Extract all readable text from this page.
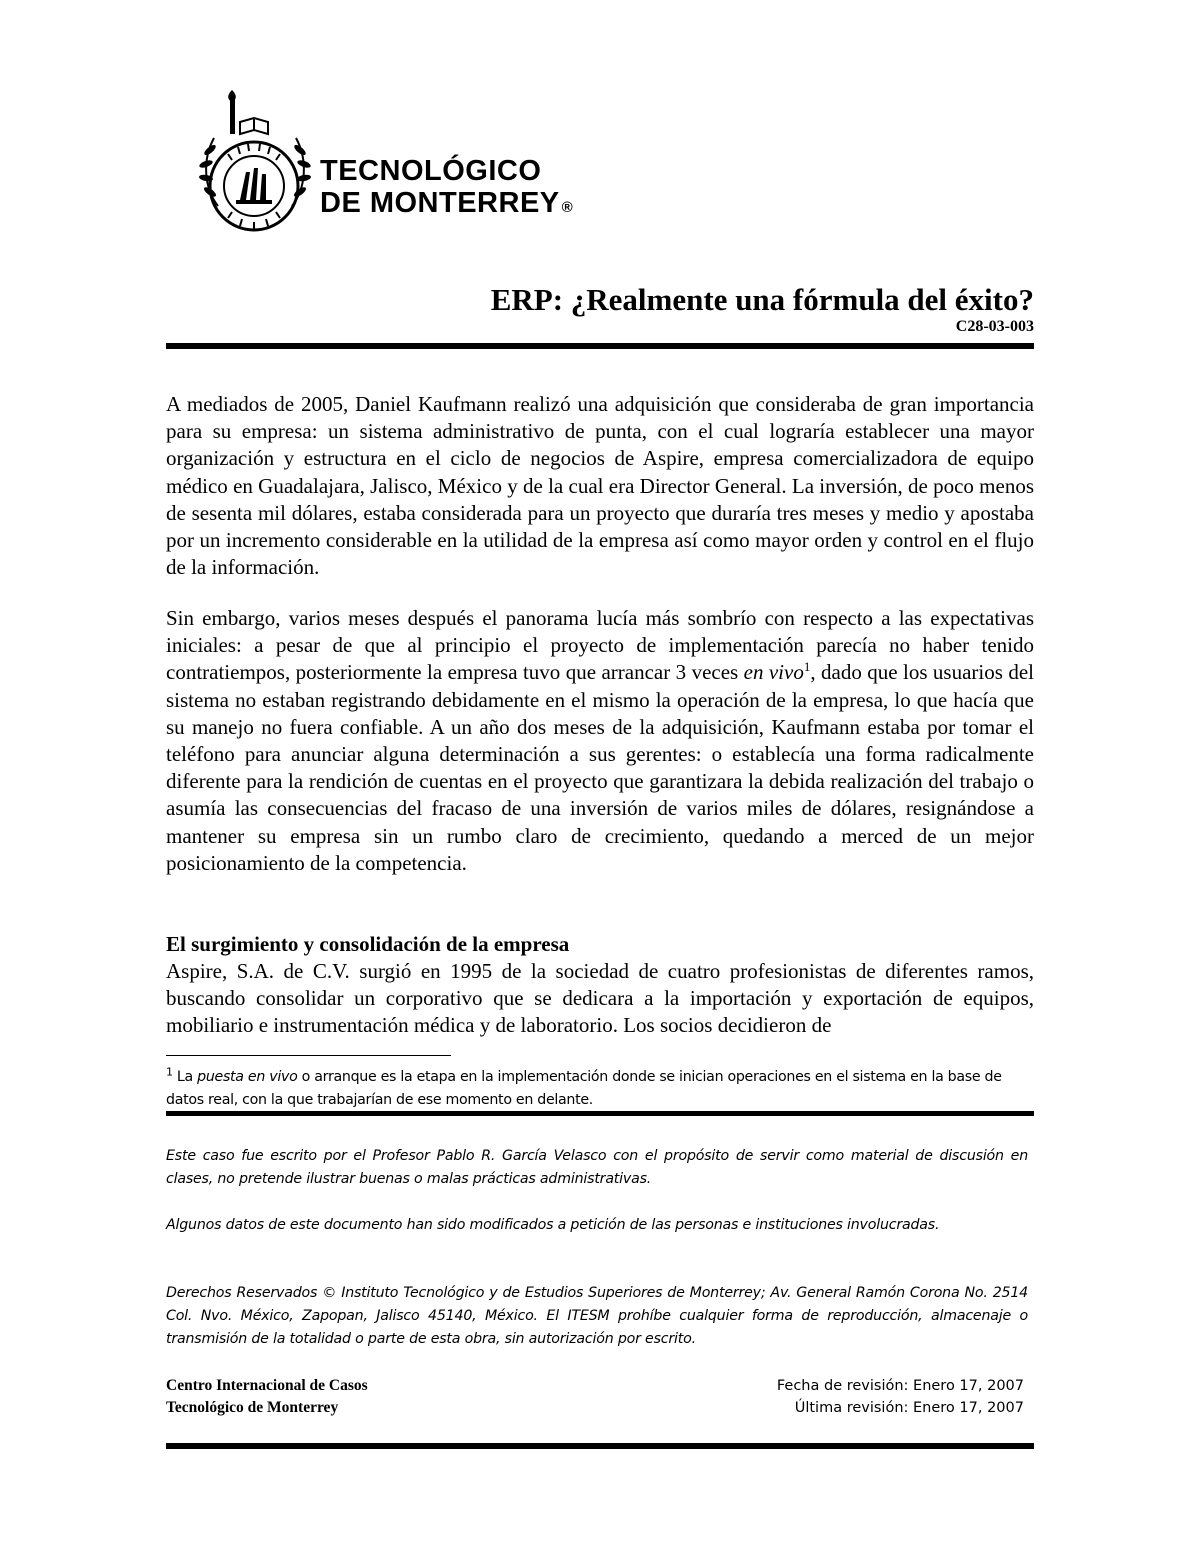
TECNOLÓGICO
DE MONTERREY ®
ERP: ¿Realmente una fórmula del éxito?
C28-03-003
A mediados de 2005, Daniel Kaufmann realizó una adquisición que consideraba de gran importancia para su empresa: un sistema administrativo de punta, con el cual lograría establecer una mayor organización y estructura en el ciclo de negocios de Aspire, empresa comercializadora de equipo médico en Guadalajara, Jalisco, México y de la cual era Director General. La inversión, de poco menos de sesenta mil dólares, estaba considerada para un proyecto que duraría tres meses y medio y apostaba por un incremento considerable en la utilidad de la empresa así como mayor orden y control en el flujo de la información.
Sin embargo, varios meses después el panorama lucía más sombrío con respecto a las expectativas iniciales: a pesar de que al principio el proyecto de implementación parecía no haber tenido contratiempos, posteriormente la empresa tuvo que arrancar 3 veces en vivo$^1$, dado que los usuarios del sistema no estaban registrando debidamente en el mismo la operación de la empresa, lo que hacía que su manejo no fuera confiable. A un año dos meses de la adquisición, Kaufmann estaba por tomar el teléfono para anunciar alguna determinación a sus gerentes: o establecía una forma radicalmente diferente para la rendición de cuentas en el proyecto que garantizara la debida realización del trabajo o asumía las consecuencias del fracaso de una inversión de varios miles de dólares, resignándose a mantener su empresa sin un rumbo claro de crecimiento, quedando a merced de un mejor posicionamiento de la competencia.
El surgimiento y consolidación de la empresa
Aspire, S.A. de C.V. surgió en 1995 de la sociedad de cuatro profesionistas de diferentes ramos, buscando consolidar un corporativo que se dedicara a la importación y exportación de equipos, mobiliario e instrumentación médica y de laboratorio. Los socios decidieron de
$^1$ La puesta en vivo o arranque es la etapa en la implementación donde se inician operaciones en el sistema en la base de datos real, con la que trabajarían de ese momento en delante.
Este caso fue escrito por el Profesor Pablo R. García Velasco con el propósito de servir como material de discusión en clases, no pretende ilustrar buenas o malas prácticas administrativas.
Algunos datos de este documento han sido modificados a petición de las personas e instituciones involucradas.
Derechos Reservados © Instituto Tecnológico y de Estudios Superiores de Monterrey; Av. General Ramón Corona No. 2514 Col. Nvo. México, Zapopan, Jalisco 45140, México. El ITESM prohíbe cualquier forma de reproducción, almacenaje o transmisión de la totalidad o parte de esta obra, sin autorización por escrito.
Centro Internacional de Casos
Tecnológico de Monterrey
Fecha de revisión: Enero 17, 2007
Última revisión: Enero 17, 2007
